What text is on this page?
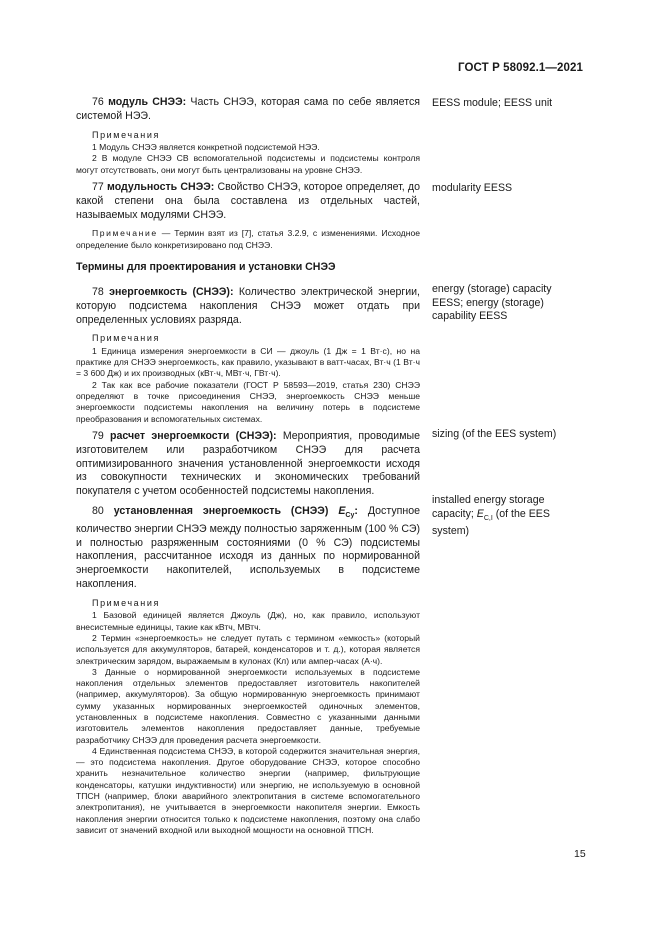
ГОСТ Р 58092.1—2021

76 модуль СНЭЭ: Часть СНЭЭ, которая сама по себе является системой НЭЭ.

Примечания

1 Модуль СНЭЭ является конкретной подсистемой НЭЭ.

2 В модуле СНЭЭ СВ вспомогательной подсистемы и подсистемы контроля могут отсутствовать, они могут быть централизованы на уровне СНЭЭ.

77 модульность СНЭЭ: Свойство СНЭЭ, которое определяет, до какой степени она была составлена из отдельных частей, называемых модулями СНЭЭ.

Примечание — Термин взят из [7], статья 3.2.9, с изменениями. Исходное определение было конкретизировано под СНЭЭ.

Термины для проектирования и установки СНЭЭ

78 энергоемкость (СНЭЭ): Количество электрической энергии, которую подсистема накопления СНЭЭ может отдать при определенных условиях разряда.

Примечания

1 Единица измерения энергоемкости в СИ — джоуль (1 Дж = 1 Вт·с), но на практике для СНЭЭ энергоемкость, как правило, указывают в ватт-часах, Вт·ч (1 Вт·ч = 3 600 Дж) и их производных (кВт·ч, МВт·ч, ГВт·ч).

2 Так как все рабочие показатели (ГОСТ Р 58593—2019, статья 230) СНЭЭ определяют в точке присоединения СНЭЭ, энергоемкость СНЭЭ меньше энергоемкости подсистемы накопления на величину потерь в подсистеме преобразования и вспомогательных системах.

79 расчет энергоемкости (СНЭЭ): Мероприятия, проводимые изготовителем или разработчиком СНЭЭ для расчета оптимизированного значения установленной энергоемкости исходя из совокупности технических и экономических требований покупателя с учетом особенностей подсистемы накопления.

80 установленная энергоемкость (СНЭЭ) $E_{Cy}$: Доступное количество энергии СНЭЭ между полностью заряженным (100 % СЭ) и полностью разряженным состояниями (0 % СЭ) подсистемы накопления, рассчитанное исходя из данных по нормированной энергоемкости накопителей, используемых в подсистеме накопления.

Примечания

1 Базовой единицей является Джоуль (Дж), но, как правило, используют внесистемные единицы, такие как кВтч, МВтч.

2 Термин «энергоемкость» не следует путать с термином «емкость» (который используется для аккумуляторов, батарей, конденсаторов и т. д.), которая является электрическим зарядом, выражаемым в кулонах (Кл) или ампер-часах (А·ч).

3 Данные о нормированной энергоемкости используемых в подсистеме накопления отдельных элементов предоставляет изготовитель накопителей (например, аккумуляторов). За общую нормированную энергоемкость принимают сумму указанных нормированных энергоемкостей одиночных элементов, установленных в подсистеме накопления. Совместно с указанными данными изготовитель элементов накопления предоставляет данные, требуемые разработчику СНЭЭ для проведения расчета энергоемкости.

4 Единственная подсистема СНЭЭ, в которой содержится значительная энергия, — это подсистема накопления. Другое оборудование СНЭЭ, которое способно хранить незначительное количество энергии (например, фильтрующие конденсаторы, катушки индуктивности) или энергию, не используемую в основной ТПСН (например, блоки аварийного электропитания в системе вспомогательного электропитания), не учитывается в энергоемкости накопителя энергии. Емкость накопления энергии относится только к подсистеме накопления, поэтому она слабо зависит от значений входной или выходной мощности на основной ТПСН.

EESS module; EESS unit
modularity EESS
energy (storage) capacity EESS; energy (storage) capability EESS
sizing (of the EES system)
installed energy storage capacity; $E_{C,I}$ (of the EES system)
15
